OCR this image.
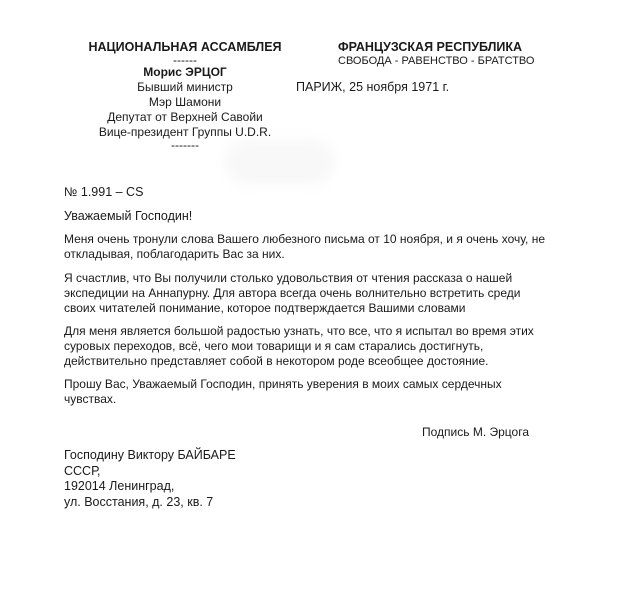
НАЦИОНАЛЬНАЯ АССАМБЛЕЯ
------
Морис ЭРЦОГ
Бывший министр
Мэр Шамони
Депутат от Верхней Савойи
Вице-президент Группы U.D.R.
-------
ФРАНЦУЗСКАЯ РЕСПУБЛИКА
СВОБОДА - РАВЕНСТВО - БРАТСТВО
ПАРИЖ, 25 ноября 1971 г.
№ 1.991 – CS
Уважаемый Господин!
Меня очень тронули слова Вашего любезного письма от 10 ноября, и я очень хочу, не
откладывая, поблагодарить Вас за них.
Я счастлив, что Вы получили столько удовольствия от чтения рассказа о нашей
экспедиции на Аннапурну. Для автора всегда очень волнительно встретить среди
своих читателей понимание, которое подтверждается Вашими словами
Для меня является большой радостью узнать, что все, что я испытал во время этих
суровых переходов, всё, чего мои товарищи и я сам старались достигнуть,
действительно представляет собой в некотором роде всеобщее достояние.
Прошу Вас, Уважаемый Господин, принять уверения в моих самых сердечных
чувствах.
Подпись М. Эрцога
Господину Виктору БАЙБАРЕ
СССР,
192014 Ленинград,
ул. Восстания, д. 23, кв. 7
